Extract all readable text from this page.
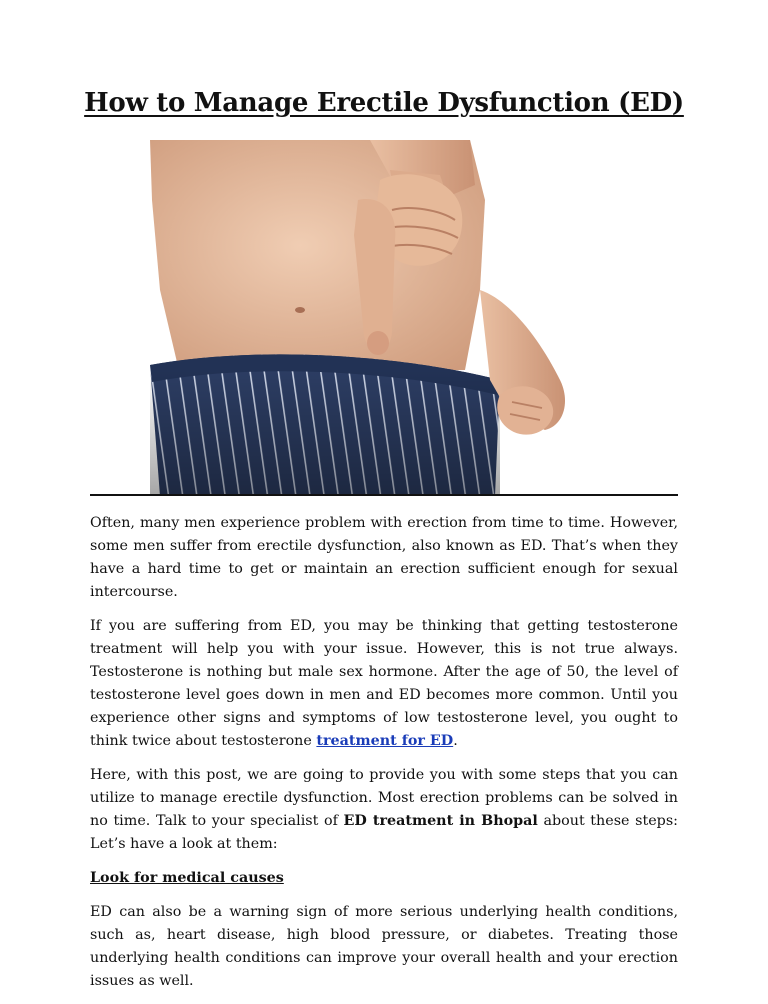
How to Manage Erectile Dysfunction (ED)

Often, many men experience problem with erection from time to time. However, some men suffer from erectile dysfunction, also known as ED. That’s when they have a hard time to get or maintain an erection sufficient enough for sexual intercourse.

If you are suffering from ED, you may be thinking that getting testosterone treatment will help you with your issue. However, this is not true always. Testosterone is nothing but male sex hormone. After the age of 50, the level of testosterone level goes down in men and ED becomes more common. Until you experience other signs and symptoms of low testosterone level, you ought to think twice about testosterone treatment for ED.

Here, with this post, we are going to provide you with some steps that you can utilize to manage erectile dysfunction. Most erection problems can be solved in no time. Talk to your specialist of ED treatment in Bhopal about these steps: Let’s have a look at them:

Look for medical causes

ED can also be a warning sign of more serious underlying health conditions, such as, heart disease, high blood pressure, or diabetes. Treating those underlying health conditions can improve your overall health and your erection issues as well.
